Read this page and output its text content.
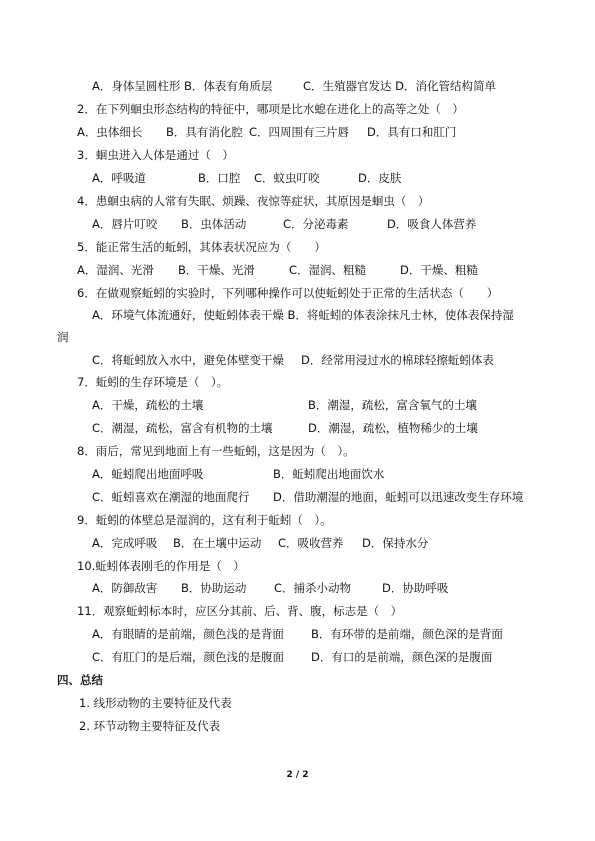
A．身体呈圆柱形 B．体表有角质层	C．生殖器官发达 D．消化管结构简单
2．在下列蛔虫形态结构的特征中，哪项是比水螅在进化上的高等之处（　）
A．虫体细长 B．具有消化腔 C．四周围有三片唇 D．具有口和肛门
3．蛔虫进入人体是通过（　）
A．呼吸道	B．口腔 C．蚊虫叮咬	D．皮肤
4．患蛔虫病的人常有失眠、烦躁、夜惊等症状，其原因是蛔虫（　）
A．唇片叮咬 B．虫体活动	C．分泌毒素	D．吸食人体营养
5．能正常生活的蚯蚓，其体表状况应为（　　）
A．湿润、光滑 B．干燥、光滑	C．湿润、粗糙	D．干燥、粗糙
6．在做观察蚯蚓的实验时，下列哪种操作可以使蚯蚓处于正常的生活状态（　　）
A．环境气体流通好，使蚯蚓体表干燥 B．将蚯蚓的体表涂抹凡士林，使体表保持湿
润
C．将蚯蚓放入水中，避免体壁变干燥 D．经常用浸过水的棉球轻擦蚯蚓体表
7．蚯蚓的生存环境是（　）。
A．干燥，疏松的土壤	B．潮湿，疏松，富含氧气的土壤
C．潮湿，疏松，富含有机物的土壤	D．潮湿，疏松，植物稀少的土壤
8．雨后，常见到地面上有一些蚯蚓，这是因为（　）。
A．蚯蚓爬出地面呼吸	B．蚯蚓爬出地面饮水
C．蚯蚓喜欢在潮湿的地面爬行 D．借助潮湿的地面，蚯蚓可以迅速改变生存环境
9．蚯蚓的体壁总是湿润的，这有利于蚯蚓（　）。
A．完成呼吸 B．在土壤中运动 C．吸收营养 D．保持水分
10.蚯蚓体表刚毛的作用是（　）
A．防御敌害 B．协助运动 C．捕杀小动物	D．协助呼吸
11．观察蚯蚓标本时，应区分其前、后、背、腹，标志是（　）
A．有眼睛的是前端，颜色浅的是背面 B．有环带的是前端，颜色深的是背面
C．有肛门的是后端，颜色浅的是腹面 D．有口的是前端，颜色深的是腹面
四、总结
1. 线形动物的主要特征及代表
2. 环节动物主要特征及代表
2 / 2
